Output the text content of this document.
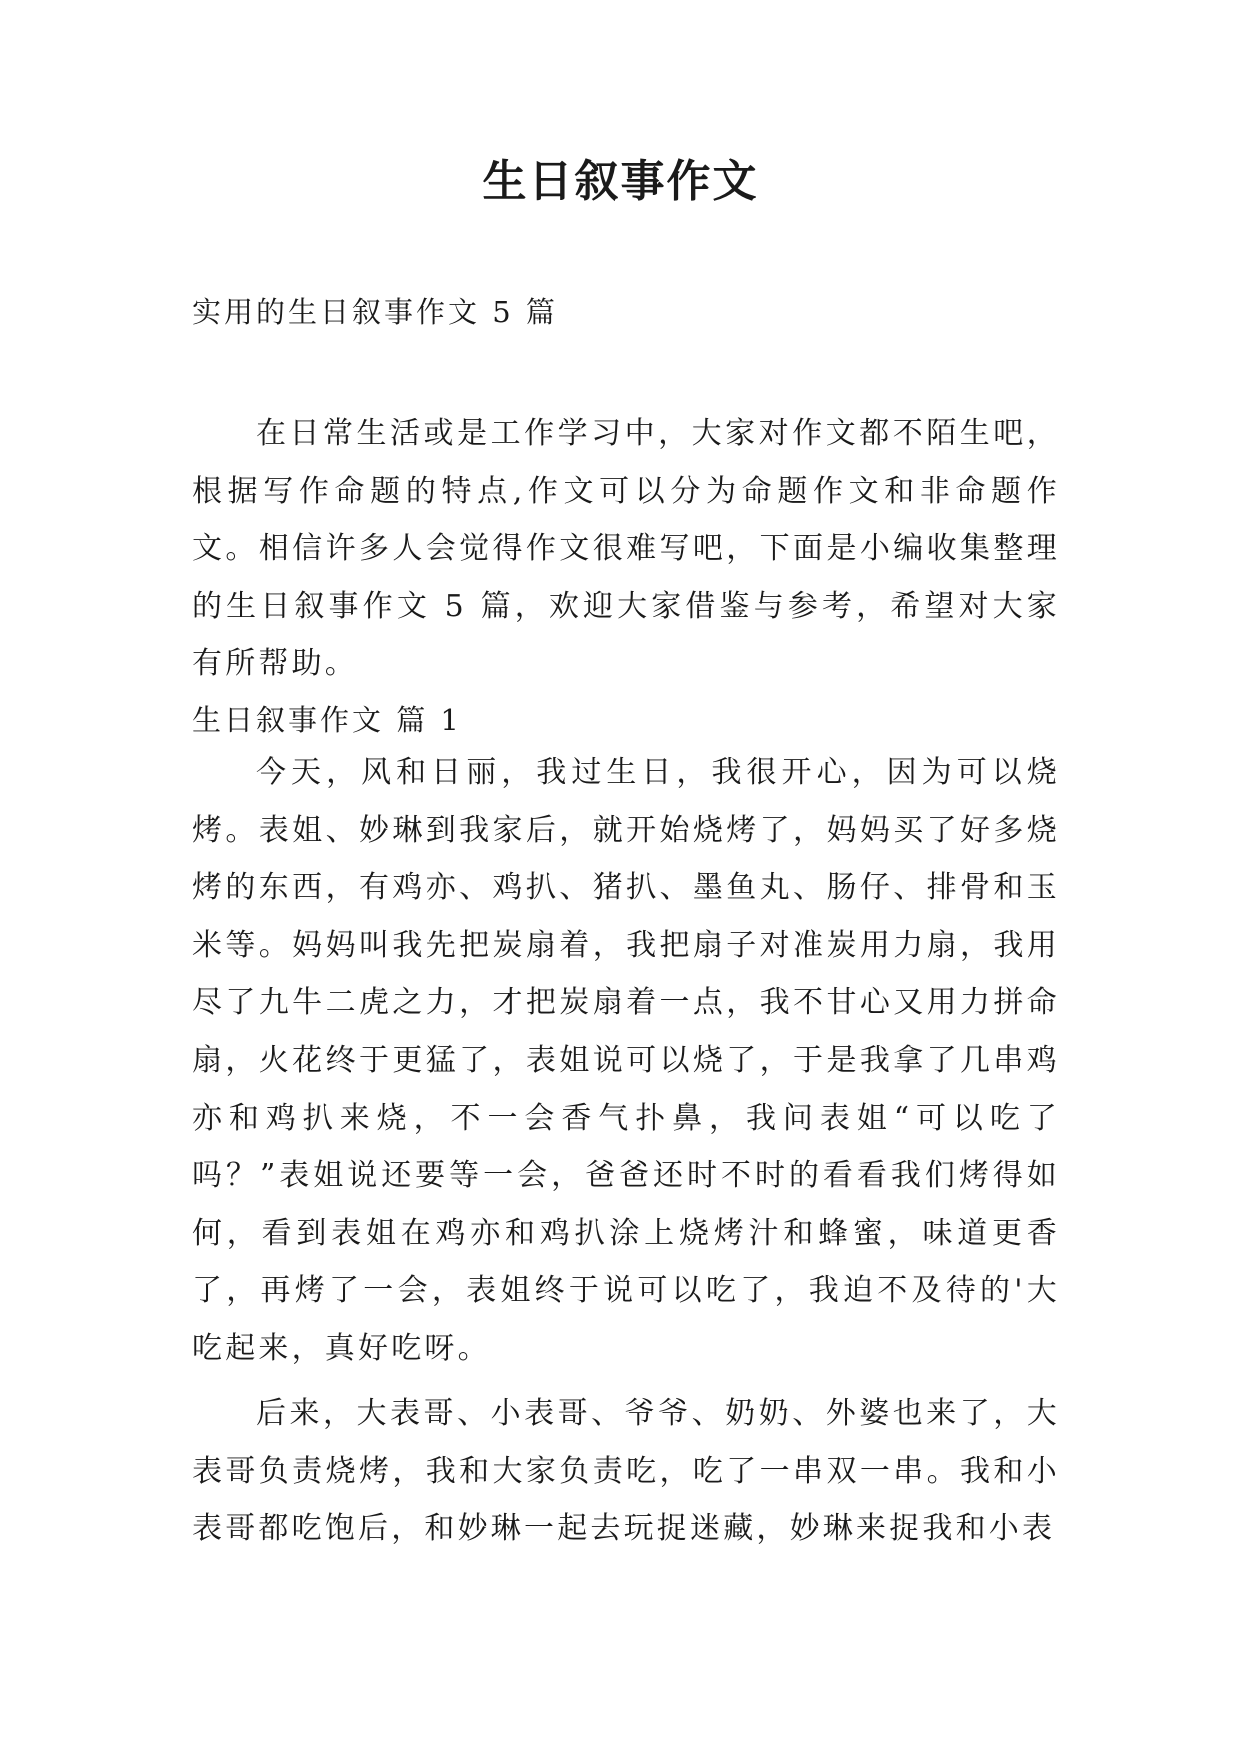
生日叙事作文

实用的生日叙事作文 5 篇

在日常生活或是工作学习中，大家对作文都不陌生吧，根据写作命题的特点,作文可以分为命题作文和非命题作文。相信许多人会觉得作文很难写吧，下面是小编收集整理的生日叙事作文 5 篇，欢迎大家借鉴与参考，希望对大家有所帮助。

生日叙事作文 篇 1

今天，风和日丽，我过生日，我很开心，因为可以烧烤。表姐、妙琳到我家后，就开始烧烤了，妈妈买了好多烧烤的东西，有鸡亦、鸡扒、猪扒、墨鱼丸、肠仔、排骨和玉米等。妈妈叫我先把炭扇着，我把扇子对准炭用力扇，我用尽了九牛二虎之力，才把炭扇着一点，我不甘心又用力拼命扇，火花终于更猛了，表姐说可以烧了，于是我拿了几串鸡亦和鸡扒来烧，不一会香气扑鼻，我问表姐“可以吃了吗？”表姐说还要等一会，爸爸还时不时的看看我们烤得如何，看到表姐在鸡亦和鸡扒涂上烧烤汁和蜂蜜，味道更香了，再烤了一会，表姐终于说可以吃了，我迫不及待的'大吃起来，真好吃呀。

后来，大表哥、小表哥、爷爷、奶奶、外婆也来了，大表哥负责烧烤，我和大家负责吃，吃了一串双一串。我和小表哥都吃饱后，和妙琳一起去玩捉迷藏，妙琳来捉我和小表
